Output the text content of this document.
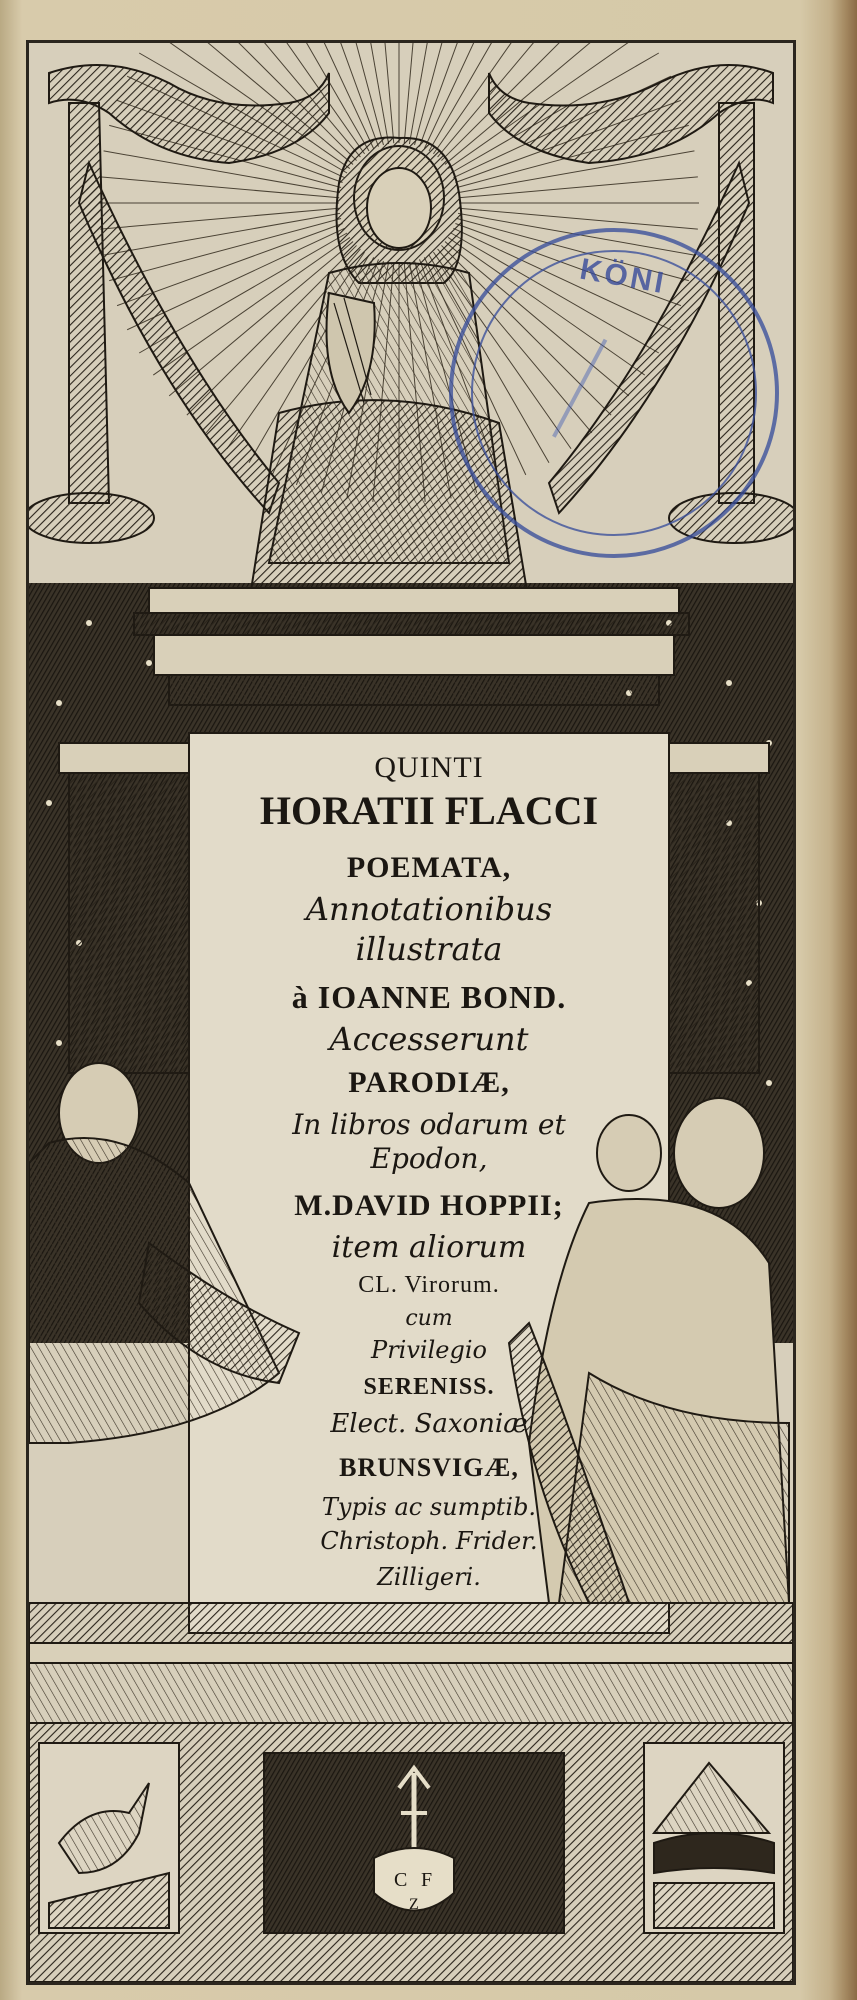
C F
Z
KÖNI
QUINTI
HORATII FLACCI
POEMATA,
Annotationibus
illustrata
à IOANNE BOND.
Accesserunt
PARODIÆ,
In libros odarum et
Epodon,
M.DAVID HOPPII;
item aliorum
CL. Virorum.
cum
Privilegio
SERENISS.
Elect. Saxoniæ
BRUNSVIGÆ,
Typis ac sumptib.
Christoph. Frider.
Zilligeri.
